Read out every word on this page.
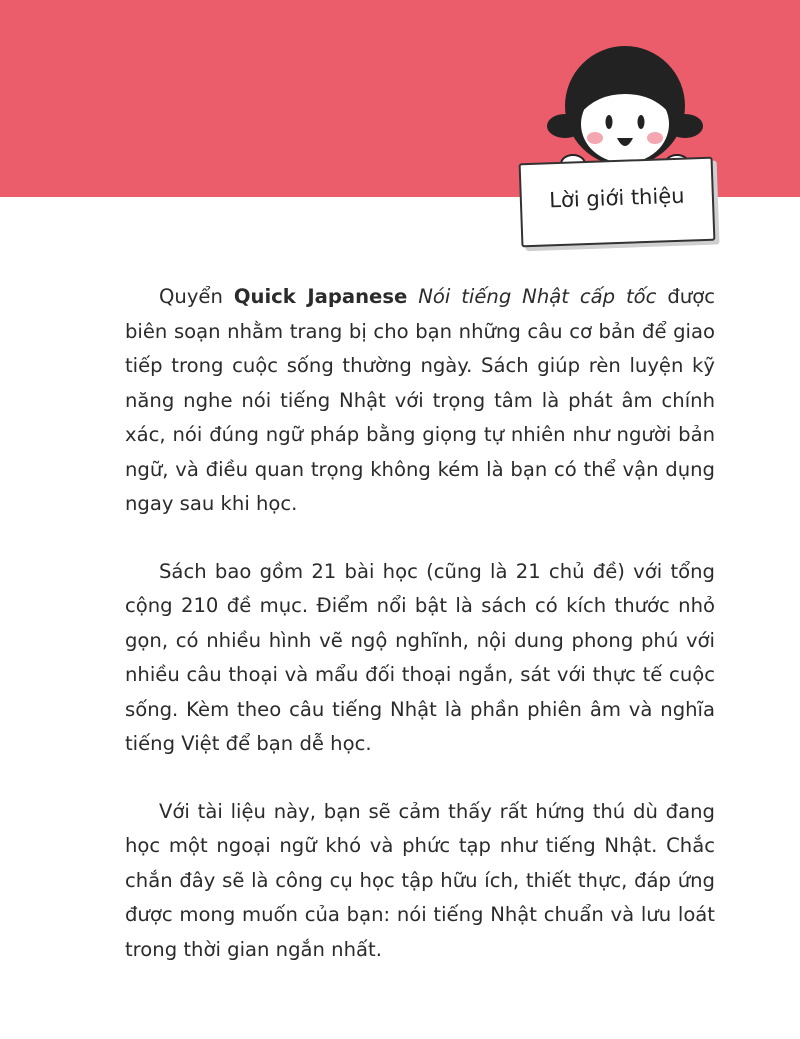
Lời giới thiệu

Quyển Quick Japanese Nói tiếng Nhật cấp tốc được biên soạn nhằm trang bị cho bạn những câu cơ bản để giao tiếp trong cuộc sống thường ngày. Sách giúp rèn luyện kỹ năng nghe nói tiếng Nhật với trọng tâm là phát âm chính xác, nói đúng ngữ pháp bằng giọng tự nhiên như người bản ngữ, và điều quan trọng không kém là bạn có thể vận dụng ngay sau khi học.

Sách bao gồm 21 bài học (cũng là 21 chủ đề) với tổng cộng 210 đề mục. Điểm nổi bật là sách có kích thước nhỏ gọn, có nhiều hình vẽ ngộ nghĩnh, nội dung phong phú với nhiều câu thoại và mẩu đối thoại ngắn, sát với thực tế cuộc sống. Kèm theo câu tiếng Nhật là phần phiên âm và nghĩa tiếng Việt để bạn dễ học.

Với tài liệu này, bạn sẽ cảm thấy rất hứng thú dù đang học một ngoại ngữ khó và phức tạp như tiếng Nhật. Chắc chắn đây sẽ là công cụ học tập hữu ích, thiết thực, đáp ứng được mong muốn của bạn: nói tiếng Nhật chuẩn và lưu loát trong thời gian ngắn nhất.
